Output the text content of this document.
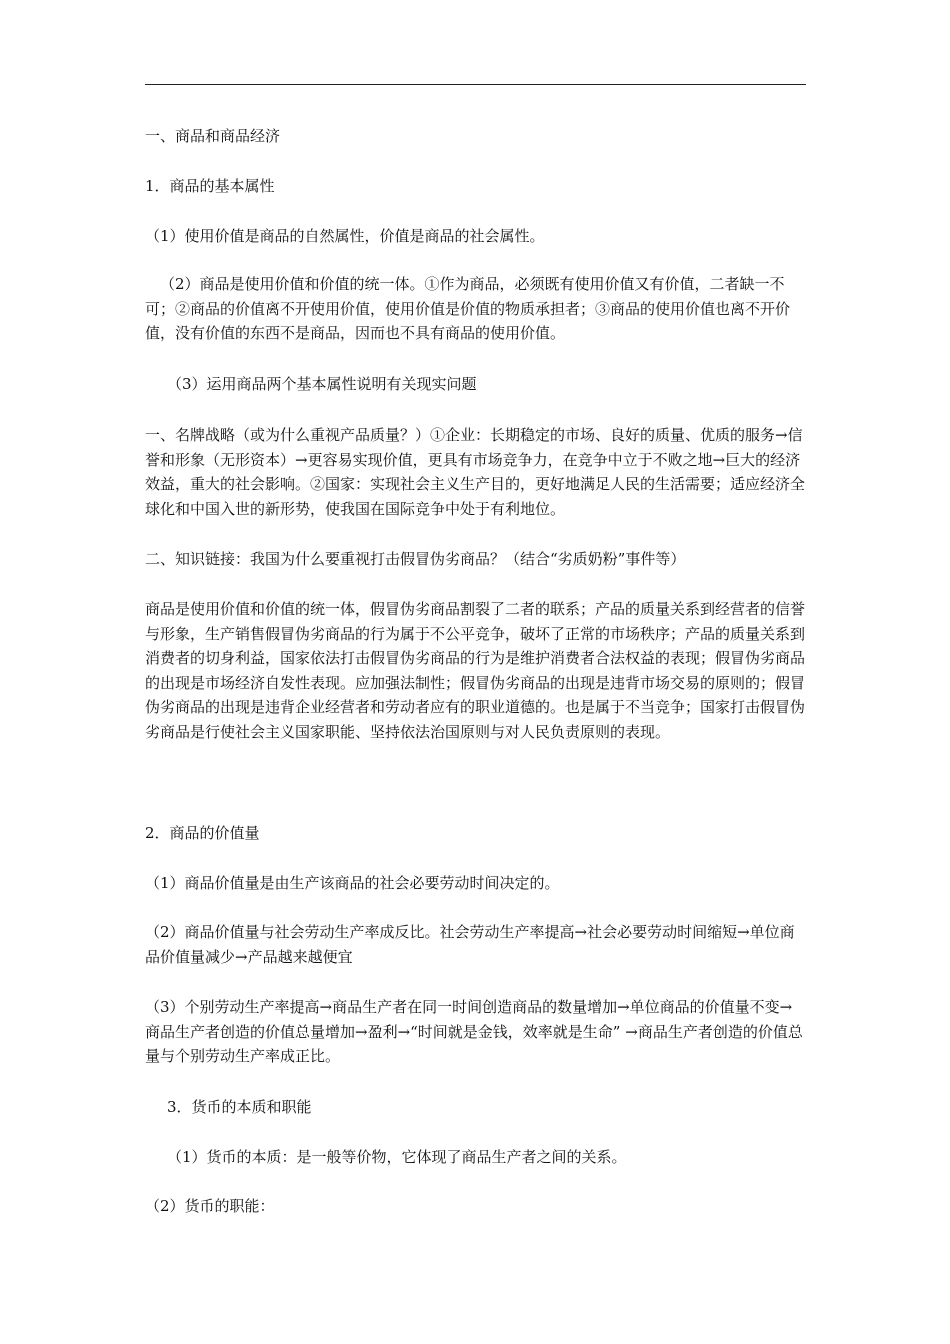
一、商品和商品经济

1．商品的基本属性

（1）使用价值是商品的自然属性，价值是商品的社会属性。

（2）商品是使用价值和价值的统一体。①作为商品，必须既有使用价值又有价值，二者缺一不可；②商品的价值离不开使用价值，使用价值是价值的物质承担者；③商品的使用价值也离不开价值，没有价值的东西不是商品，因而也不具有商品的使用价值。

（3）运用商品两个基本属性说明有关现实问题

一、名牌战略（或为什么重视产品质量？）①企业：长期稳定的市场、良好的质量、优质的服务→信誉和形象（无形资本）→更容易实现价值，更具有市场竞争力，在竞争中立于不败之地→巨大的经济效益，重大的社会影响。②国家：实现社会主义生产目的，更好地满足人民的生活需要；适应经济全球化和中国入世的新形势，使我国在国际竞争中处于有利地位。

二、知识链接：我国为什么要重视打击假冒伪劣商品？（结合“劣质奶粉”事件等）

商品是使用价值和价值的统一体，假冒伪劣商品割裂了二者的联系；产品的质量关系到经营者的信誉与形象，生产销售假冒伪劣商品的行为属于不公平竞争，破坏了正常的市场秩序；产品的质量关系到消费者的切身利益，国家依法打击假冒伪劣商品的行为是维护消费者合法权益的表现；假冒伪劣商品的出现是市场经济自发性表现。应加强法制性；假冒伪劣商品的出现是违背市场交易的原则的；假冒伪劣商品的出现是违背企业经营者和劳动者应有的职业道德的。也是属于不当竞争；国家打击假冒伪劣商品是行使社会主义国家职能、坚持依法治国原则与对人民负责原则的表现。

2．商品的价值量

（1）商品价值量是由生产该商品的社会必要劳动时间决定的。

（2）商品价值量与社会劳动生产率成反比。社会劳动生产率提高→社会必要劳动时间缩短→单位商品价值量减少→产品越来越便宜

（3）个别劳动生产率提高→商品生产者在同一时间创造商品的数量增加→单位商品的价值量不变→商品生产者创造的价值总量增加→盈利→“时间就是金钱，效率就是生命” →商品生产者创造的价值总量与个别劳动生产率成正比。

3．货币的本质和职能

（1）货币的本质：是一般等价物，它体现了商品生产者之间的关系。

（2）货币的职能：
